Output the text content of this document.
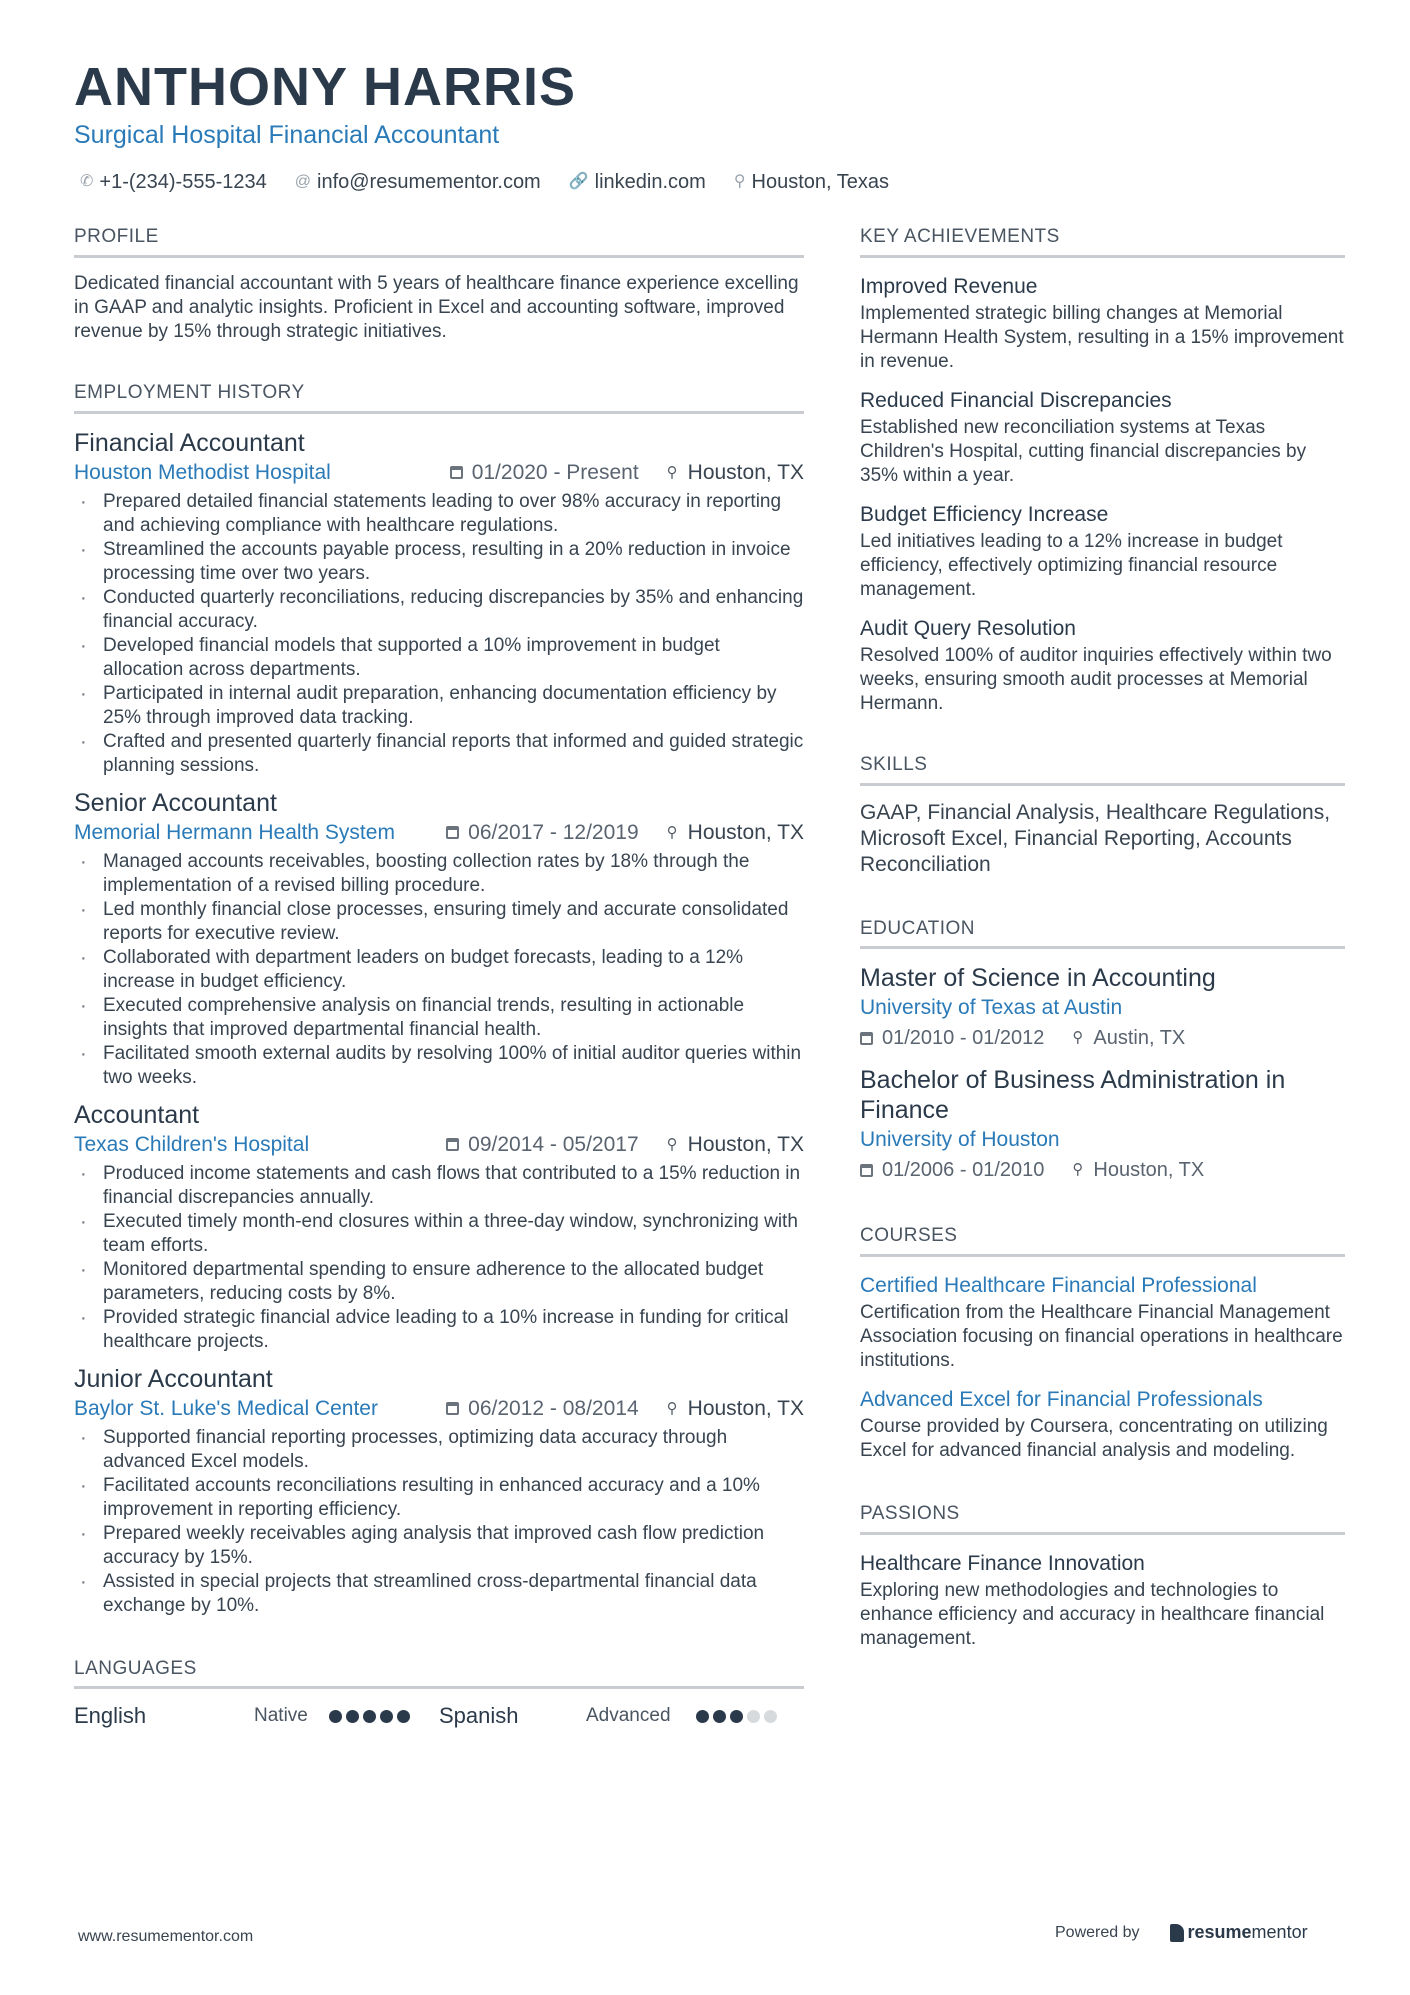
ANTHONY HARRIS
Surgical Hospital Financial Accountant
✆ +1-(234)-555-1234 @ info@resumementor.com 🔗 linkedin.com ⚲ Houston, Texas
PROFILE
Dedicated financial accountant with 5 years of healthcare finance experience excelling in GAAP and analytic insights. Proficient in Excel and accounting software, improved revenue by 15% through strategic initiatives.
EMPLOYMENT HISTORY
Financial Accountant
Houston Methodist Hospital	01/2020 - Present ⚲ Houston, TX
· Prepared detailed financial statements leading to over 98% accuracy in reporting and achieving compliance with healthcare regulations.
· Streamlined the accounts payable process, resulting in a 20% reduction in invoice processing time over two years.
· Conducted quarterly reconciliations, reducing discrepancies by 35% and enhancing financial accuracy.
· Developed financial models that supported a 10% improvement in budget allocation across departments.
· Participated in internal audit preparation, enhancing documentation efficiency by 25% through improved data tracking.
· Crafted and presented quarterly financial reports that informed and guided strategic planning sessions.
Senior Accountant
Memorial Hermann Health System	06/2017 - 12/2019 ⚲ Houston, TX
· Managed accounts receivables, boosting collection rates by 18% through the implementation of a revised billing procedure.
· Led monthly financial close processes, ensuring timely and accurate consolidated reports for executive review.
· Collaborated with department leaders on budget forecasts, leading to a 12% increase in budget efficiency.
· Executed comprehensive analysis on financial trends, resulting in actionable insights that improved departmental financial health.
· Facilitated smooth external audits by resolving 100% of initial auditor queries within two weeks.
Accountant
Texas Children's Hospital	09/2014 - 05/2017 ⚲ Houston, TX
· Produced income statements and cash flows that contributed to a 15% reduction in financial discrepancies annually.
· Executed timely month-end closures within a three-day window, synchronizing with team efforts.
· Monitored departmental spending to ensure adherence to the allocated budget parameters, reducing costs by 8%.
· Provided strategic financial advice leading to a 10% increase in funding for critical healthcare projects.
Junior Accountant
Baylor St. Luke's Medical Center	06/2012 - 08/2014 ⚲ Houston, TX
· Supported financial reporting processes, optimizing data accuracy through advanced Excel models.
· Facilitated accounts reconciliations resulting in enhanced accuracy and a 10% improvement in reporting efficiency.
· Prepared weekly receivables aging analysis that improved cash flow prediction accuracy by 15%.
· Assisted in special projects that streamlined cross-departmental financial data exchange by 10%.
LANGUAGES
English	Native	Spanish	Advanced
KEY ACHIEVEMENTS
Improved Revenue
Implemented strategic billing changes at Memorial Hermann Health System, resulting in a 15% improvement in revenue.
Reduced Financial Discrepancies
Established new reconciliation systems at Texas Children's Hospital, cutting financial discrepancies by 35% within a year.
Budget Efficiency Increase
Led initiatives leading to a 12% increase in budget efficiency, effectively optimizing financial resource management.
Audit Query Resolution
Resolved 100% of auditor inquiries effectively within two weeks, ensuring smooth audit processes at Memorial Hermann.
SKILLS
GAAP, Financial Analysis, Healthcare Regulations, Microsoft Excel, Financial Reporting, Accounts Reconciliation
EDUCATION
Master of Science in Accounting
University of Texas at Austin
01/2010 - 01/2012 ⚲ Austin, TX
Bachelor of Business Administration in Finance
University of Houston
01/2006 - 01/2010 ⚲ Houston, TX
COURSES
Certified Healthcare Financial Professional
Certification from the Healthcare Financial Management Association focusing on financial operations in healthcare institutions.
Advanced Excel for Financial Professionals
Course provided by Coursera, concentrating on utilizing Excel for advanced financial analysis and modeling.
PASSIONS
Healthcare Finance Innovation
Exploring new methodologies and technologies to enhance efficiency and accuracy in healthcare financial management.
www.resumementor.com	Powered by	resumementor
